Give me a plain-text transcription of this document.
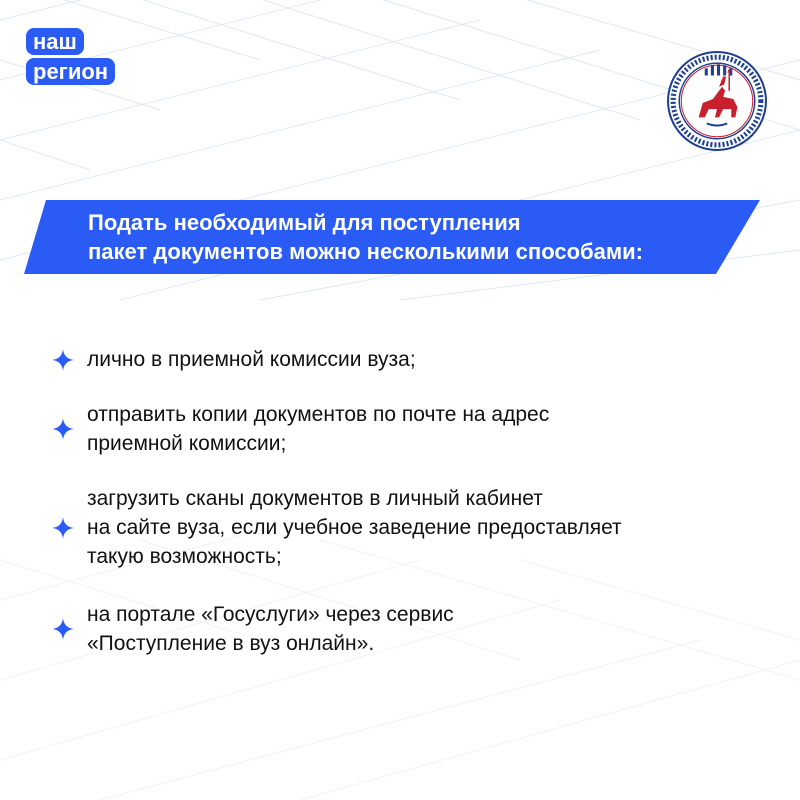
наш
регион
Подать необходимый для поступления
пакет документов можно несколькими способами:
лично в приемной комиссии вуза;
отправить копии документов по почте на адрес
приемной комиссии;
загрузить сканы документов в личный кабинет
на сайте вуза, если учебное заведение предоставляет
такую возможность;
на портале «Госуслуги» через сервис
«Поступление в вуз онлайн».
